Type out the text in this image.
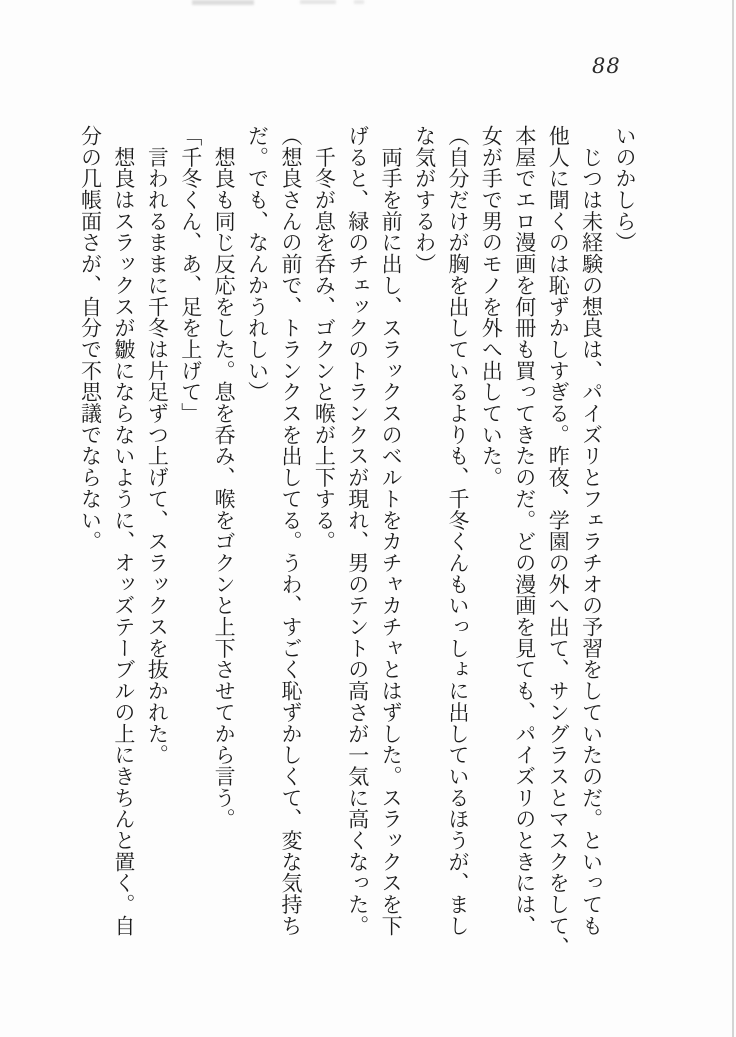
88
いのかしら）
　じつは未経験の想良は、パイズリとフェラチオの予習をしていたのだ。といっても
他人に聞くのは恥ずかしすぎる。昨夜、学園の外へ出て、サングラスとマスクをして、
本屋でエロ漫画を何冊も買ってきたのだ。どの漫画を見ても、パイズリのときには、
女が手で男のモノを外へ出していた。
（自分だけが胸を出しているよりも、千冬くんもいっしょに出しているほうが、まし
な気がするわ）
　両手を前に出し、スラックスのベルトをカチャカチャとはずした。スラックスを下
げると、緑のチェックのトランクスが現れ、男のテントの高さが一気に高くなった。
　千冬が息を呑み、ゴクンと喉が上下する。
（想良さんの前で、トランクスを出してる。うわ、すごく恥ずかしくて、変な気持ち
だ。でも、なんかうれしい）
　想良も同じ反応をした。息を呑み、喉をゴクンと上下させてから言う。
「千冬くん、あ、足を上げて」
　言われるままに千冬は片足ずつ上げて、スラックスを抜かれた。
　想良はスラックスが皺にならないように、オッズテーブルの上にきちんと置く。自
分の几帳面さが、自分で不思議でならない。
